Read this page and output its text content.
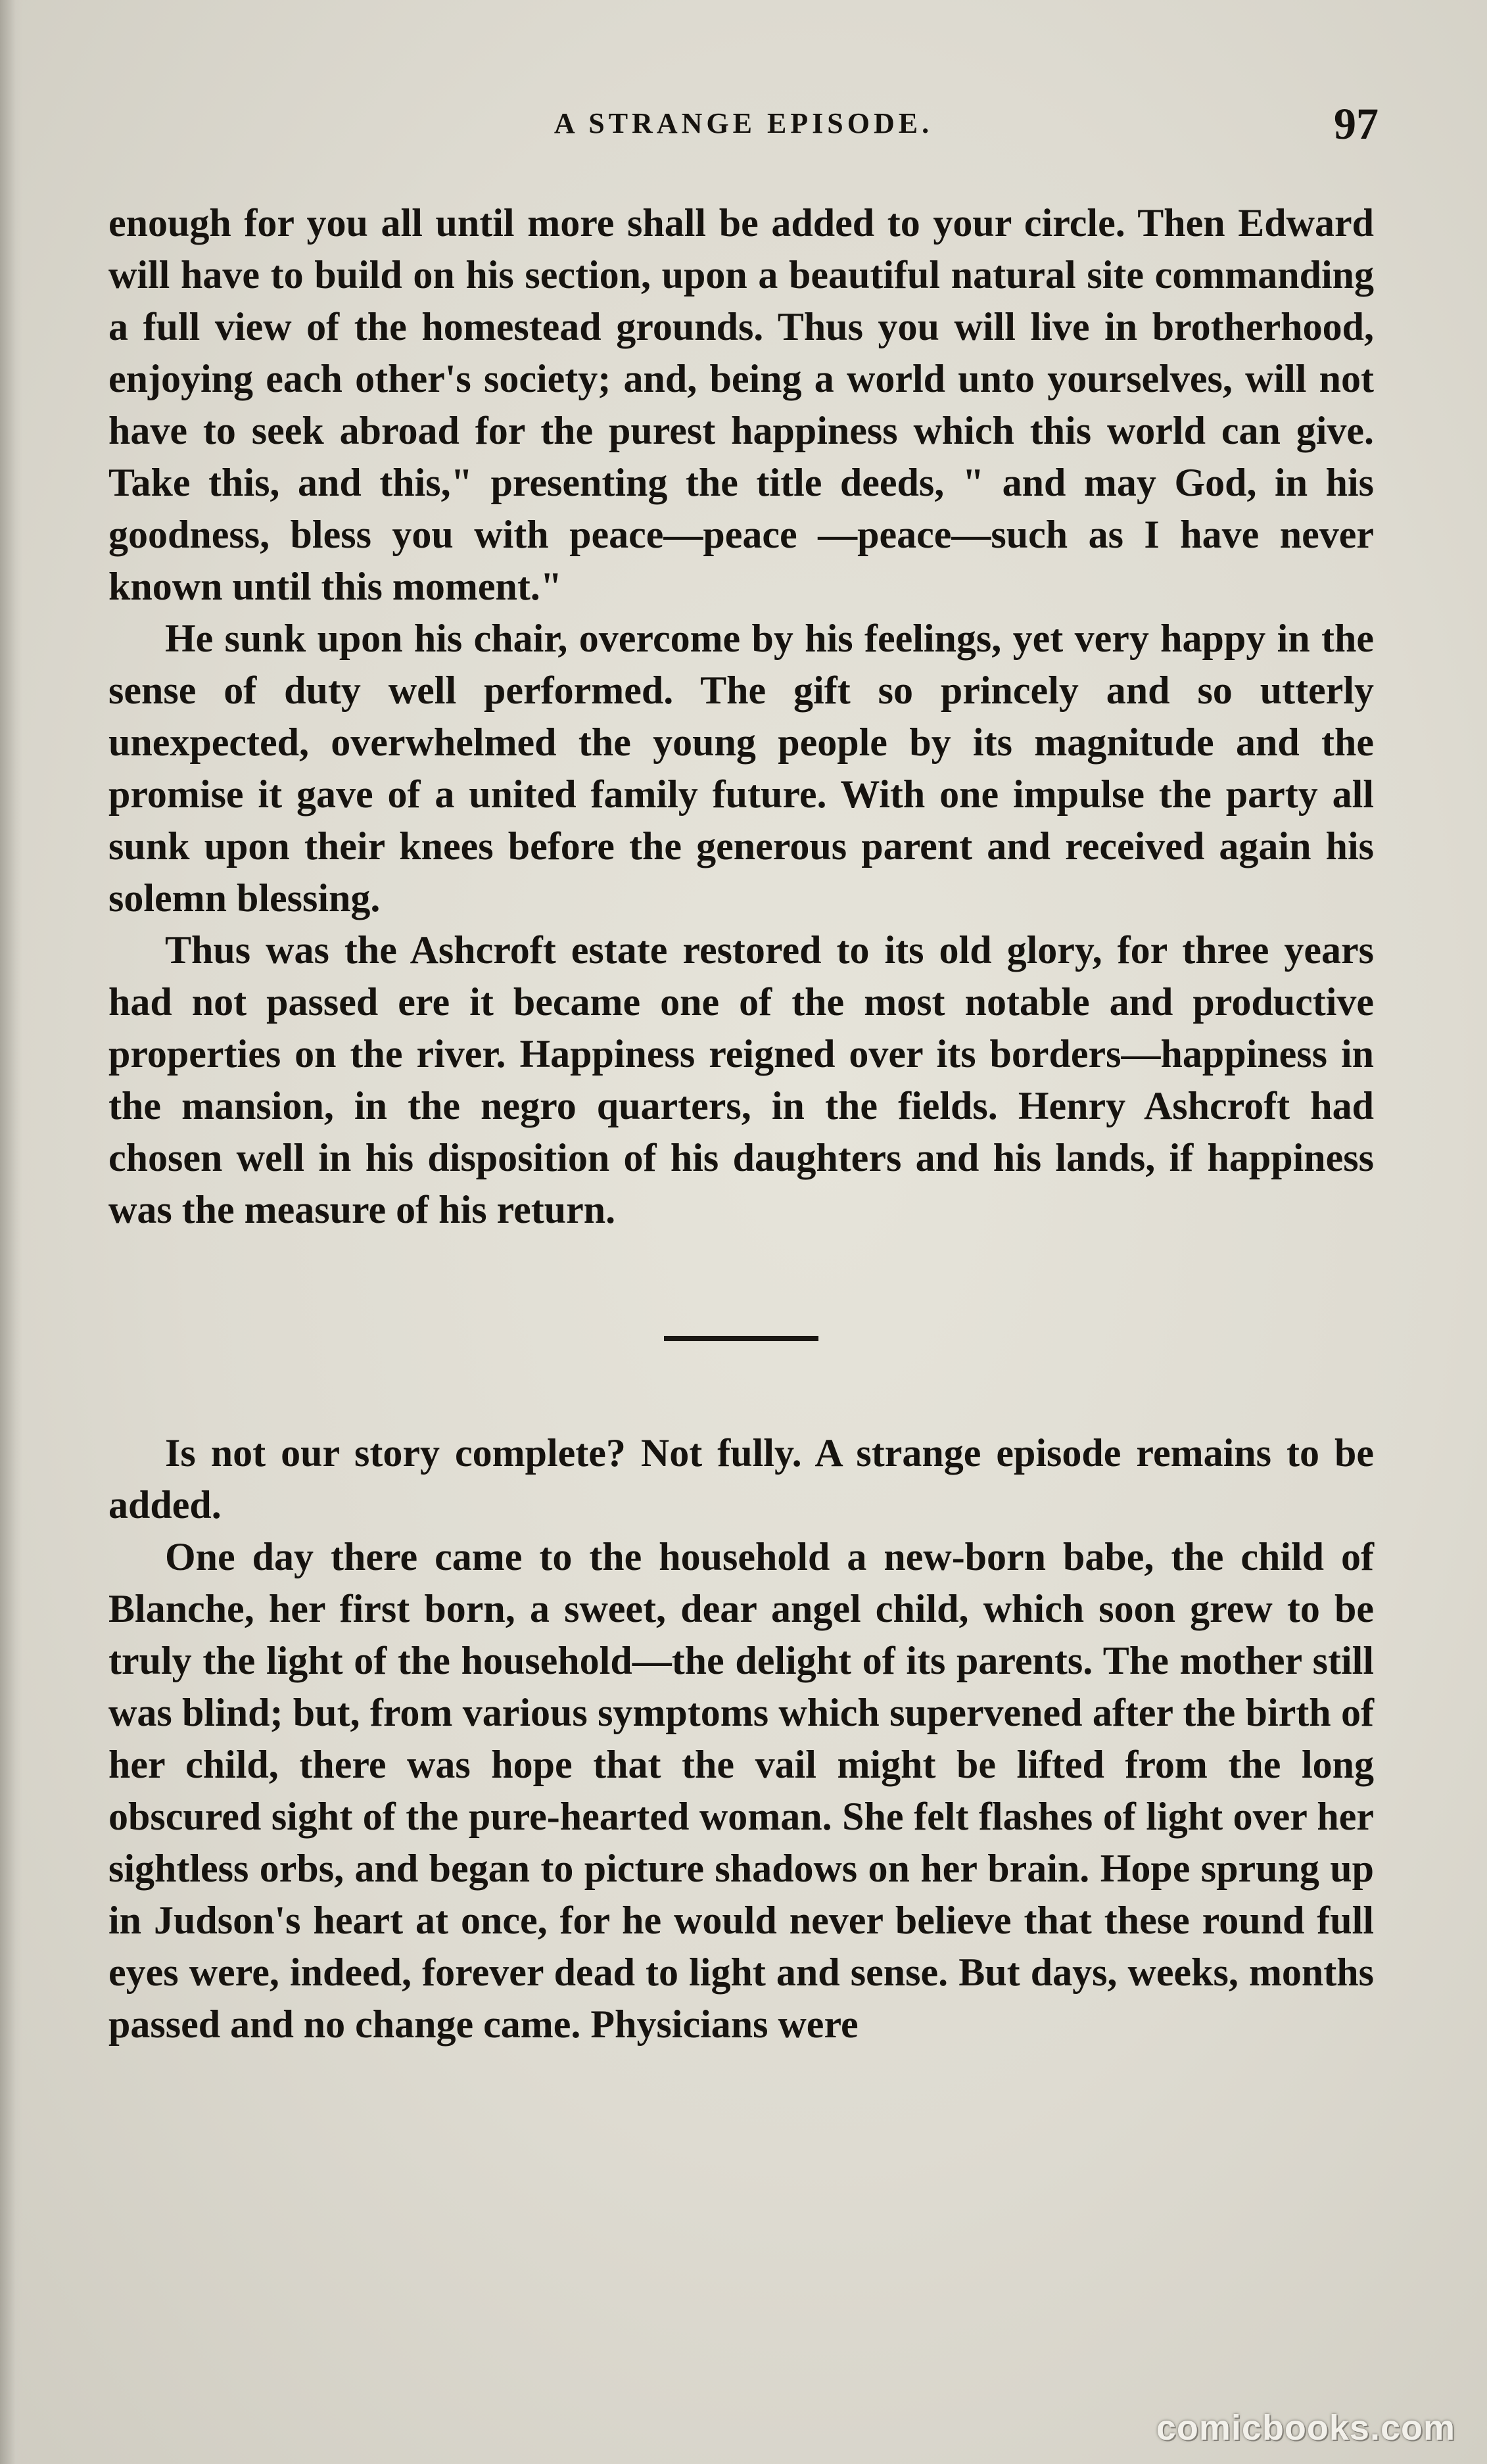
A STRANGE EPISODE.	97

enough for you all until more shall be added to your circle. Then Edward will have to build on his section, upon a beautiful natural site commanding a full view of the homestead grounds. Thus you will live in brotherhood, enjoying each other's society; and, being a world unto yourselves, will not have to seek abroad for the purest happiness which this world can give. Take this, and this," presenting the title deeds, " and may God, in his goodness, bless you with peace—peace —peace—such as I have never known until this moment."

He sunk upon his chair, overcome by his feelings, yet very happy in the sense of duty well performed. The gift so princely and so utterly unexpected, overwhelmed the young people by its magnitude and the promise it gave of a united family future. With one impulse the party all sunk upon their knees before the generous parent and received again his solemn blessing.

Thus was the Ashcroft estate restored to its old glory, for three years had not passed ere it became one of the most notable and productive properties on the river. Happiness reigned over its borders—happiness in the mansion, in the negro quarters, in the fields. Henry Ashcroft had chosen well in his disposition of his daughters and his lands, if happiness was the measure of his return.

Is not our story complete? Not fully. A strange episode remains to be added.

One day there came to the household a new-born babe, the child of Blanche, her first born, a sweet, dear angel child, which soon grew to be truly the light of the household—the delight of its parents. The mother still was blind; but, from various symptoms which supervened after the birth of her child, there was hope that the vail might be lifted from the long obscured sight of the pure-hearted woman. She felt flashes of light over her sightless orbs, and began to picture shadows on her brain. Hope sprung up in Judson's heart at once, for he would never believe that these round full eyes were, indeed, forever dead to light and sense. But days, weeks, months passed and no change came. Physicians were

comicbooks.com
